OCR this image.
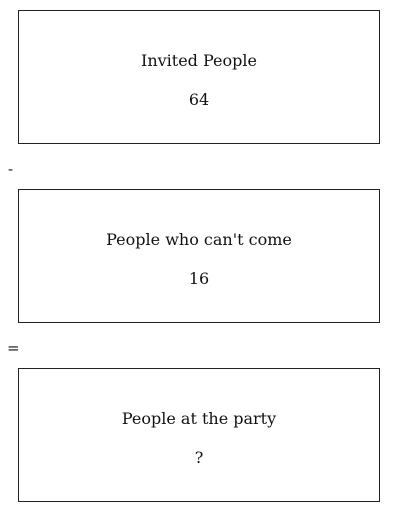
Invited People
64
-
People who can't come
16
=
People at the party
?
